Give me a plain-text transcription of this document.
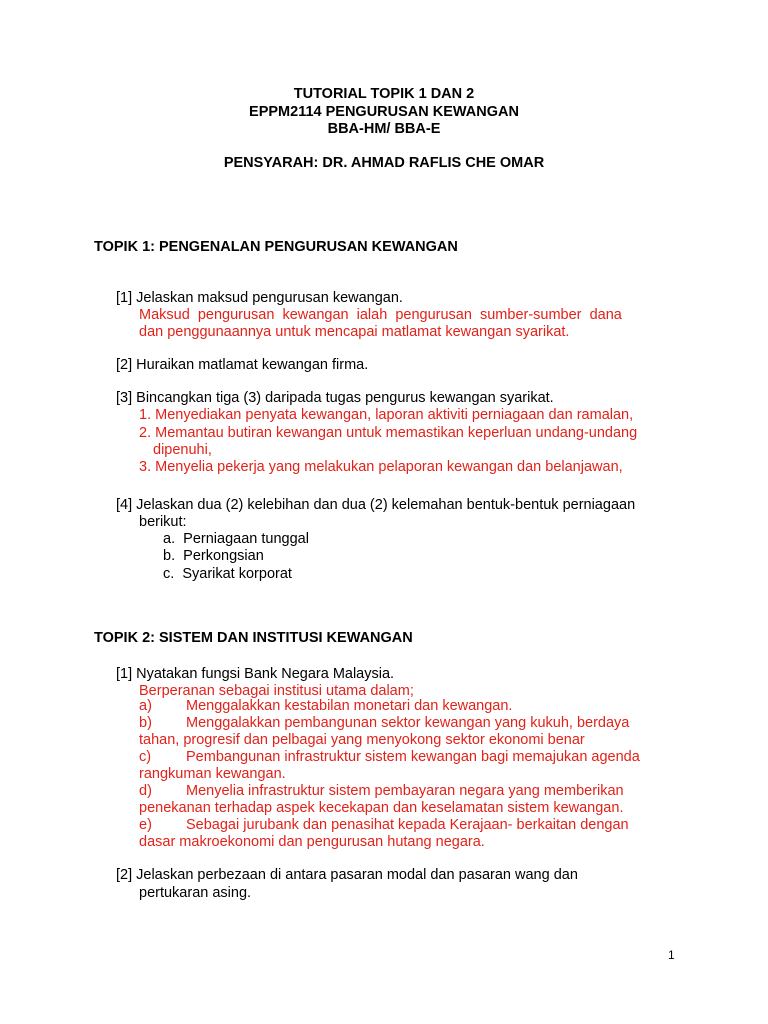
TUTORIAL TOPIK 1 DAN 2
EPPM2114 PENGURUSAN KEWANGAN
BBA-HM/ BBA-E
PENSYARAH: DR. AHMAD RAFLIS CHE OMAR
TOPIK 1: PENGENALAN PENGURUSAN KEWANGAN
[1] Jelaskan maksud pengurusan kewangan.
Maksud  pengurusan  kewangan  ialah  pengurusan  sumber-sumber  dana
dan penggunaannya untuk mencapai matlamat kewangan syarikat.
[2] Huraikan matlamat kewangan firma.
[3] Bincangkan tiga (3) daripada tugas pengurus kewangan syarikat.
1. Menyediakan penyata kewangan, laporan aktiviti perniagaan dan ramalan,
2. Memantau butiran kewangan untuk memastikan keperluan undang-undang
dipenuhi,
3. Menyelia pekerja yang melakukan pelaporan kewangan dan belanjawan,
[4] Jelaskan dua (2) kelebihan dan dua (2) kelemahan bentuk-bentuk perniagaan
berikut:
a.  Perniagaan tunggal
b.  Perkongsian
c.  Syarikat korporat
TOPIK 2: SISTEM DAN INSTITUSI KEWANGAN
[1] Nyatakan fungsi Bank Negara Malaysia.
Berperanan sebagai institusi utama dalam;
a) Menggalakkan kestabilan monetari dan kewangan.
b) Menggalakkan pembangunan sektor kewangan yang kukuh, berdaya
tahan, progresif dan pelbagai yang menyokong sektor ekonomi benar
c) Pembangunan infrastruktur sistem kewangan bagi memajukan agenda
rangkuman kewangan.
d) Menyelia infrastruktur sistem pembayaran negara yang memberikan
penekanan terhadap aspek kecekapan dan keselamatan sistem kewangan.
e) Sebagai jurubank dan penasihat kepada Kerajaan- berkaitan dengan
dasar makroekonomi dan pengurusan hutang negara.
[2] Jelaskan perbezaan di antara pasaran modal dan pasaran wang dan
pertukaran asing.
1
